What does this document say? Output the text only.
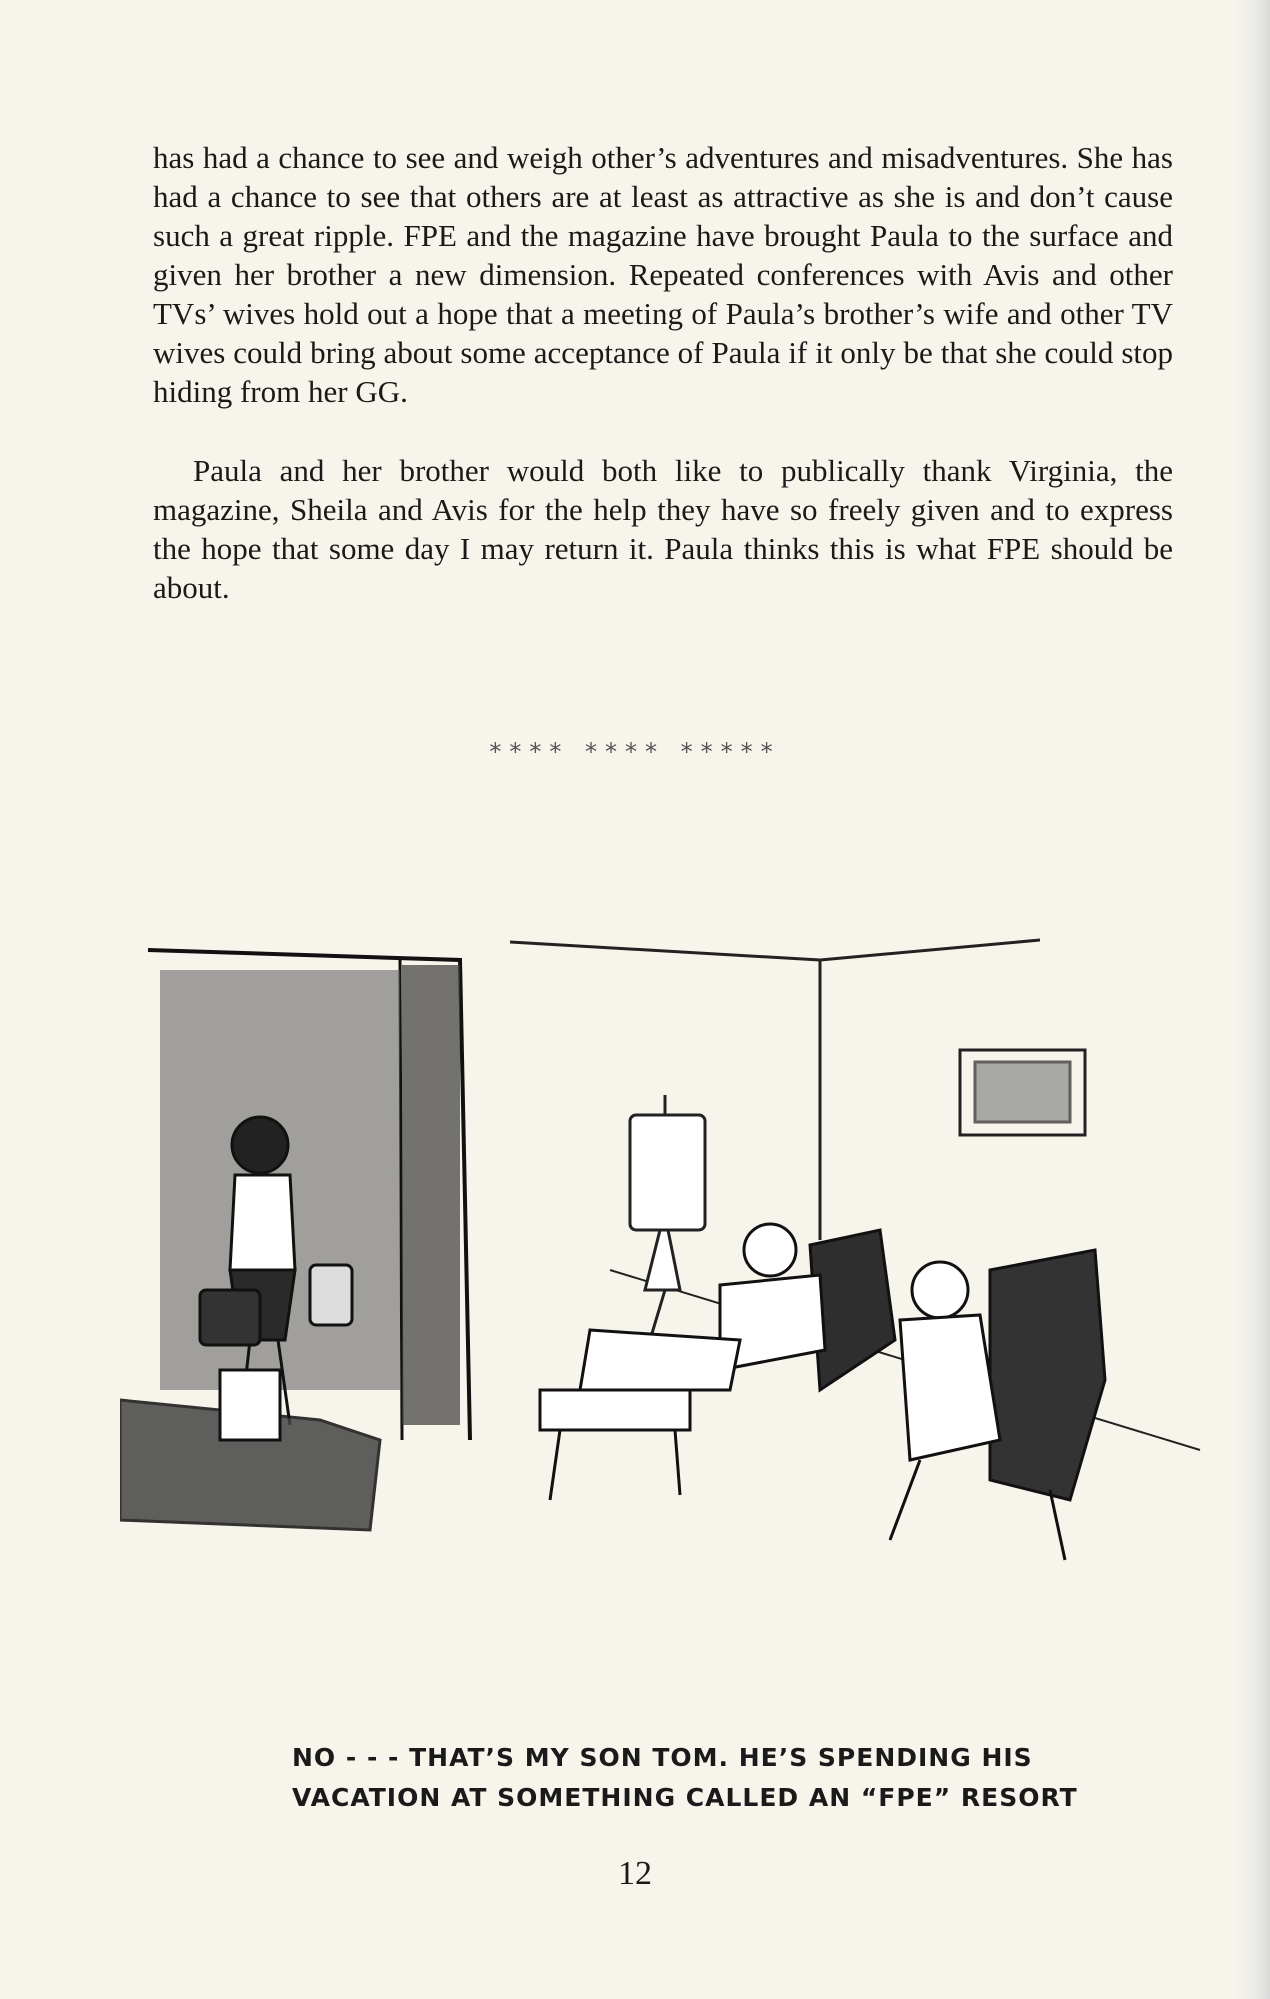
has had a chance to see and weigh other’s adventures and misadventures. She has had a chance to see that others are at least as attractive as she is and don’t cause such a great ripple. FPE and the magazine have brought Paula to the surface and given her brother a new dimension. Repeated conferences with Avis and other TVs’ wives hold out a hope that a meeting of Paula’s brother’s wife and other TV wives could bring about some acceptance of Paula if it only be that she could stop hiding from her GG.

Paula and her brother would both like to publically thank Virginia, the magazine, Sheila and Avis for the help they have so freely given and to express the hope that some day I may return it. Paula thinks this is what FPE should be about.

**** **** *****
NO - - - THAT’S MY SON TOM. HE’S SPENDING HIS
VACATION AT SOMETHING CALLED AN “FPE” RESORT
12
